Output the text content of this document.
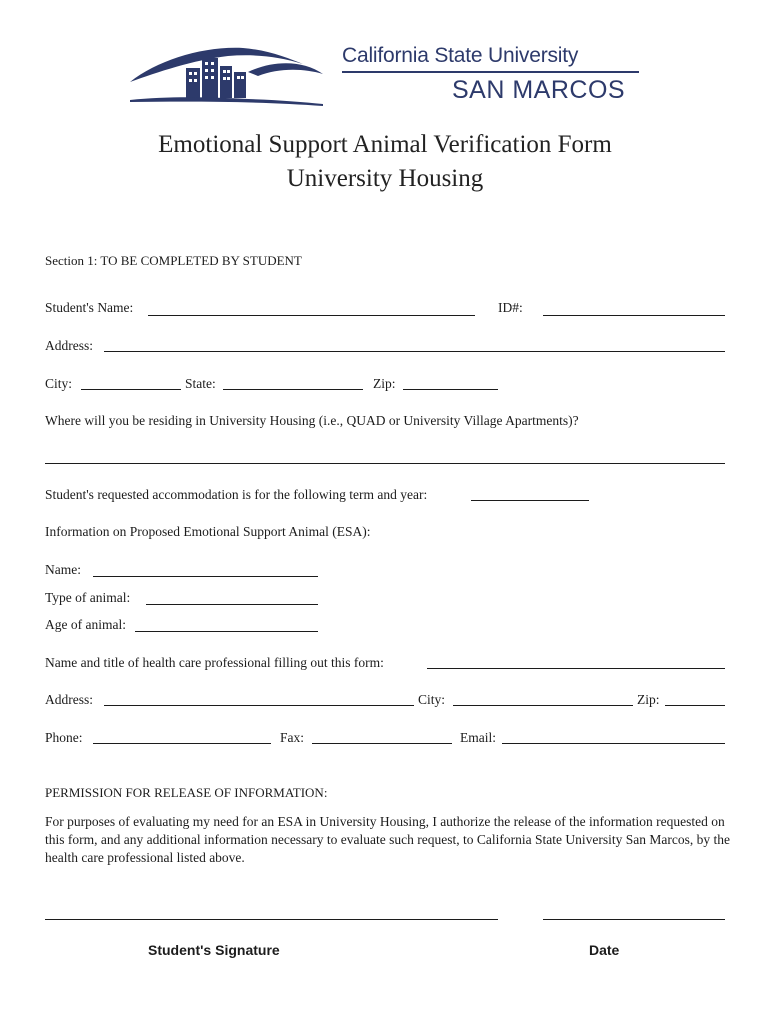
California State University
SAN MARCOS
Emotional Support Animal Verification Form
University Housing
Section 1: TO BE COMPLETED BY STUDENT
Student's Name:	ID#:
Address:
City:	State:	Zip:
Where will you be residing in University Housing (i.e., QUAD or University Village Apartments)?
Student's requested accommodation is for the following term and year:
Information on Proposed Emotional Support Animal (ESA):
Name:
Type of animal:
Age of animal:
Name and title of health care professional filling out this form:
Address:	City:	Zip:
Phone:	Fax:	Email:
PERMISSION FOR RELEASE OF INFORMATION:
For purposes of evaluating my need for an ESA in University Housing, I authorize the release of the information requested on this form, and any additional information necessary to evaluate such request, to California State University San Marcos, by the health care professional listed above.
Student's Signature	Date
